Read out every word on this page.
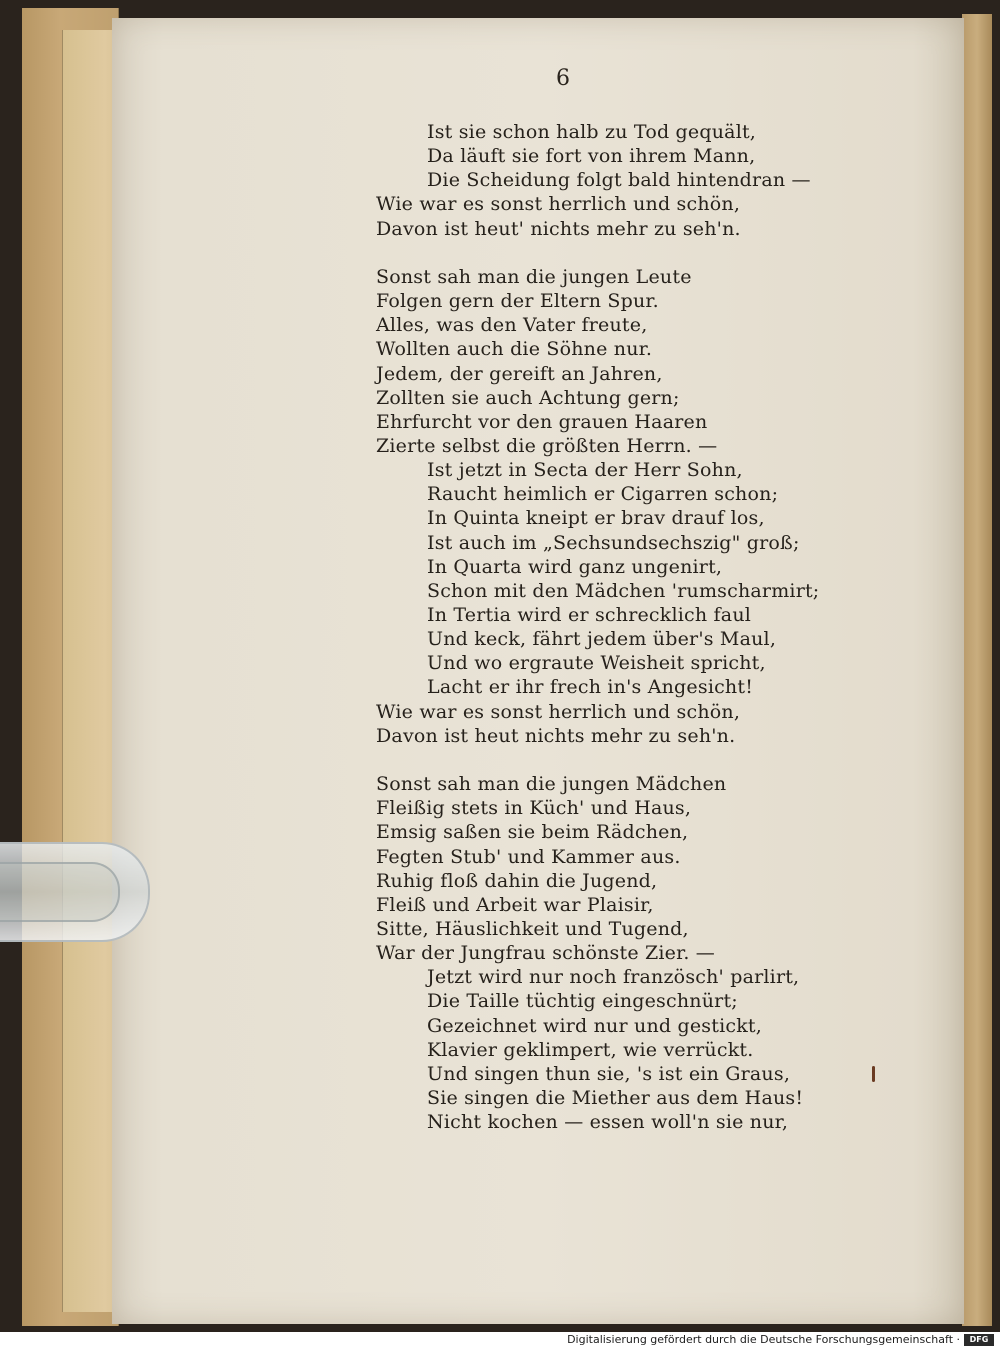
6
Ist sie schon halb zu Tod gequält,
Da läuft sie fort von ihrem Mann,
Die Scheidung folgt bald hintendran —
Wie war es sonst herrlich und schön,
Davon ist heut' nichts mehr zu seh'n.
Sonst sah man die jungen Leute
Folgen gern der Eltern Spur.
Alles, was den Vater freute,
Wollten auch die Söhne nur.
Jedem, der gereift an Jahren,
Zollten sie auch Achtung gern;
Ehrfurcht vor den grauen Haaren
Zierte selbst die größten Herrn. —
Ist jetzt in Secta der Herr Sohn,
Raucht heimlich er Cigarren schon;
In Quinta kneipt er brav drauf los,
Ist auch im „Sechsundsechszig" groß;
In Quarta wird ganz ungenirt,
Schon mit den Mädchen 'rumscharmirt;
In Tertia wird er schrecklich faul
Und keck, fährt jedem über's Maul,
Und wo ergraute Weisheit spricht,
Lacht er ihr frech in's Angesicht!
Wie war es sonst herrlich und schön,
Davon ist heut nichts mehr zu seh'n.
Sonst sah man die jungen Mädchen
Fleißig stets in Küch' und Haus,
Emsig saßen sie beim Rädchen,
Fegten Stub' und Kammer aus.
Ruhig floß dahin die Jugend,
Fleiß und Arbeit war Plaisir,
Sitte, Häuslichkeit und Tugend,
War der Jungfrau schönste Zier. —
Jetzt wird nur noch französch' parlirt,
Die Taille tüchtig eingeschnürt;
Gezeichnet wird nur und gestickt,
Klavier geklimpert, wie verrückt.
Und singen thun sie, 's ist ein Graus,
Sie singen die Miether aus dem Haus!
Nicht kochen — essen woll'n sie nur,
Digitalisierung gefördert durch die Deutsche Forschungsgemeinschaft ·	DFG
